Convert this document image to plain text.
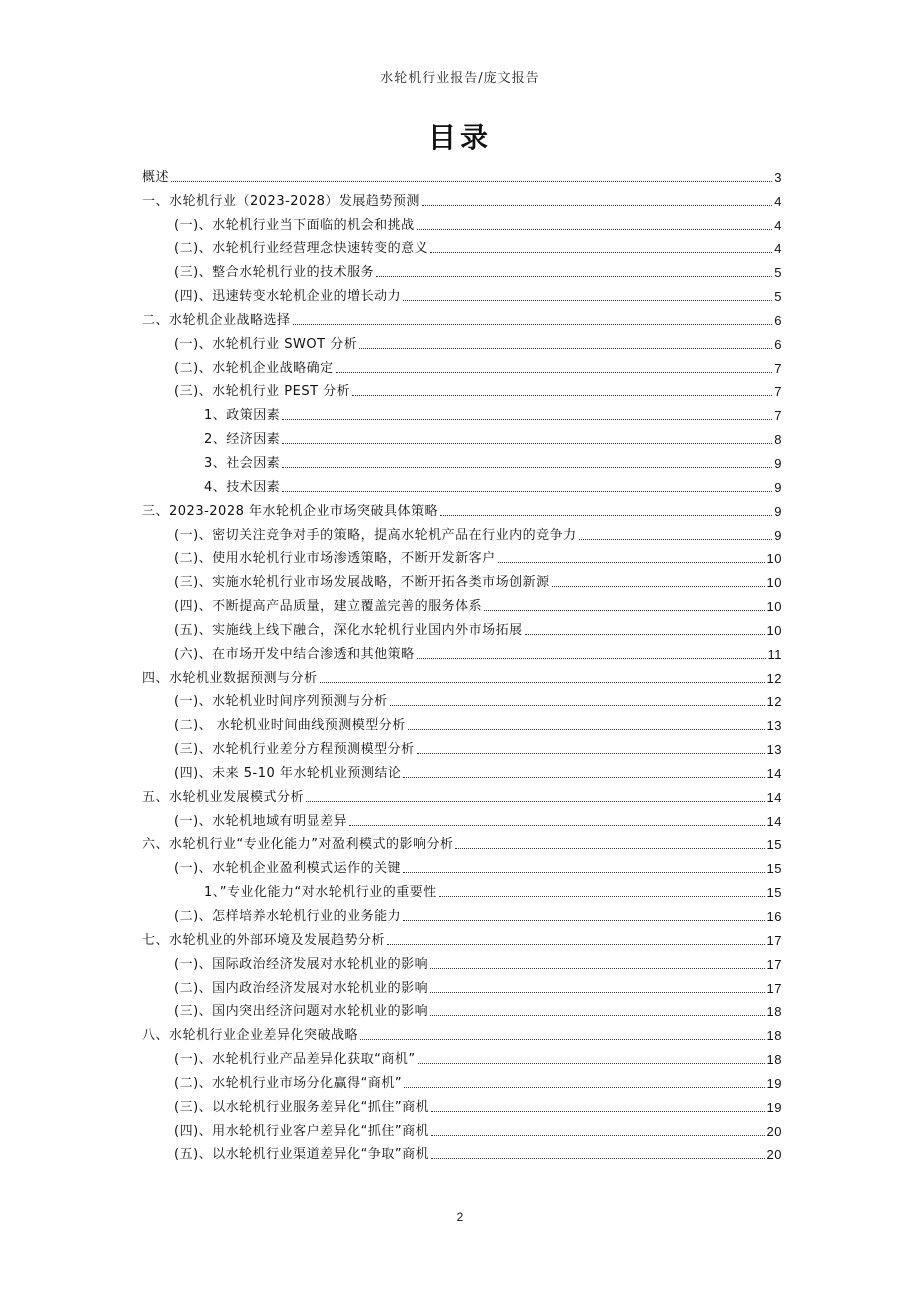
水轮机行业报告/庞文报告
目录
概述	3
一、水轮机行业（2023-2028）发展趋势预测	4
(一)、水轮机行业当下面临的机会和挑战	4
(二)、水轮机行业经营理念快速转变的意义	4
(三)、整合水轮机行业的技术服务	5
(四)、迅速转变水轮机企业的增长动力	5
二、水轮机企业战略选择	6
(一)、水轮机行业 SWOT 分析	6
(二)、水轮机企业战略确定	7
(三)、水轮机行业 PEST 分析	7
1、政策因素	7
2、经济因素	8
3、社会因素	9
4、技术因素	9
三、2023-2028 年水轮机企业市场突破具体策略	9
(一)、密切关注竞争对手的策略，提高水轮机产品在行业内的竞争力	9
(二)、使用水轮机行业市场渗透策略，不断开发新客户	10
(三)、实施水轮机行业市场发展战略，不断开拓各类市场创新源	10
(四)、不断提高产品质量，建立覆盖完善的服务体系	10
(五)、实施线上线下融合，深化水轮机行业国内外市场拓展	10
(六)、在市场开发中结合渗透和其他策略	11
四、水轮机业数据预测与分析	12
(一)、水轮机业时间序列预测与分析	12
(二)、 水轮机业时间曲线预测模型分析	13
(三)、水轮机行业差分方程预测模型分析	13
(四)、未来 5-10 年水轮机业预测结论	14
五、水轮机业发展模式分析	14
(一)、水轮机地域有明显差异	14
六、水轮机行业“专业化能力”对盈利模式的影响分析	15
(一)、水轮机企业盈利模式运作的关键	15
1、”专业化能力“对水轮机行业的重要性	15
(二)、怎样培养水轮机行业的业务能力	16
七、水轮机业的外部环境及发展趋势分析	17
(一)、国际政治经济发展对水轮机业的影响	17
(二)、国内政治经济发展对水轮机业的影响	17
(三)、国内突出经济问题对水轮机业的影响	18
八、水轮机行业企业差异化突破战略	18
(一)、水轮机行业产品差异化获取“商机”	18
(二)、水轮机行业市场分化赢得“商机”	19
(三)、以水轮机行业服务差异化“抓住”商机	19
(四)、用水轮机行业客户差异化“抓住”商机	20
(五)、以水轮机行业渠道差异化“争取”商机	20
2
